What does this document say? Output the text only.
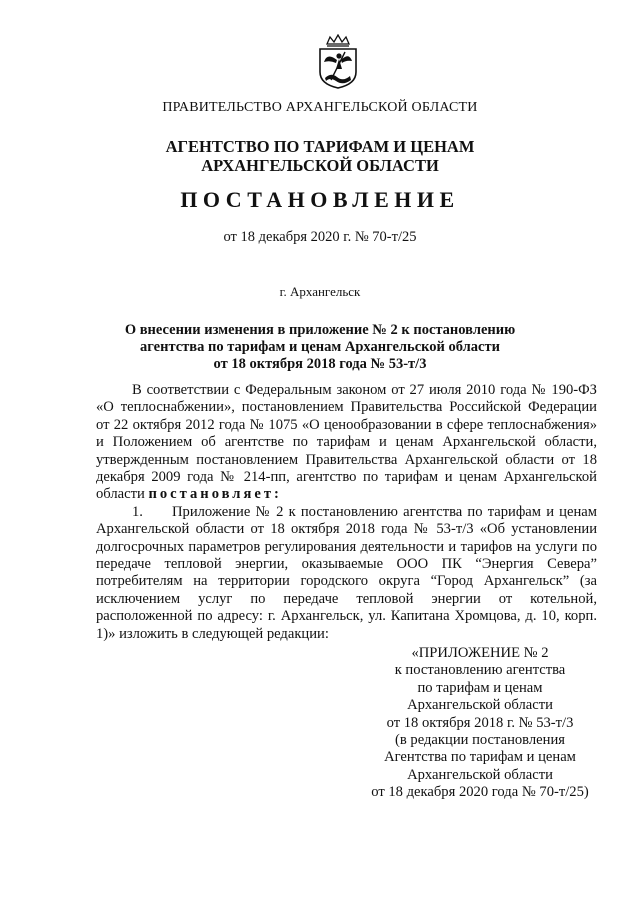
ПРАВИТЕЛЬСТВО АРХАНГЕЛЬСКОЙ ОБЛАСТИ
АГЕНТСТВО ПО ТАРИФАМ И ЦЕНАМ
АРХАНГЕЛЬСКОЙ ОБЛАСТИ
ПОСТАНОВЛЕНИЕ
от 18 декабря 2020 г. № 70-т/25
г. Архангельск
О внесении изменения в приложение № 2 к постановлению
агентства по тарифам и ценам Архангельской области
от 18 октября 2018 года № 53-т/3

В соответствии с Федеральным законом от 27 июля 2010 года № 190-ФЗ «О теплоснабжении», постановлением Правительства Российской Федерации от 22 октября 2012 года № 1075 «О ценообразовании в сфере теплоснабжения» и Положением об агентстве по тарифам и ценам Архангельской области, утвержденным постановлением Правительства Архангельской области от 18 декабря 2009 года № 214-пп, агентство по тарифам и ценам Архангельской области постановляет:

1. Приложение № 2 к постановлению агентства по тарифам и ценам Архангельской области от 18 октября 2018 года № 53-т/3 «Об установлении долгосрочных параметров регулирования деятельности и тарифов на услуги по передаче тепловой энергии, оказываемые ООО ПК “Энергия Севера” потребителям на территории городского округа “Город Архангельск” (за исключением услуг по передаче тепловой энергии от котельной, расположенной по адресу: г. Архангельск, ул. Капитана Хромцова, д. 10, корп. 1)» изложить в следующей редакции:

«ПРИЛОЖЕНИЕ № 2
к постановлению агентства
по тарифам и ценам
Архангельской области
от 18 октября 2018 г. № 53-т/3
(в редакции постановления
Агентства по тарифам и ценам
Архангельской области
от 18 декабря 2020 года № 70-т/25)
